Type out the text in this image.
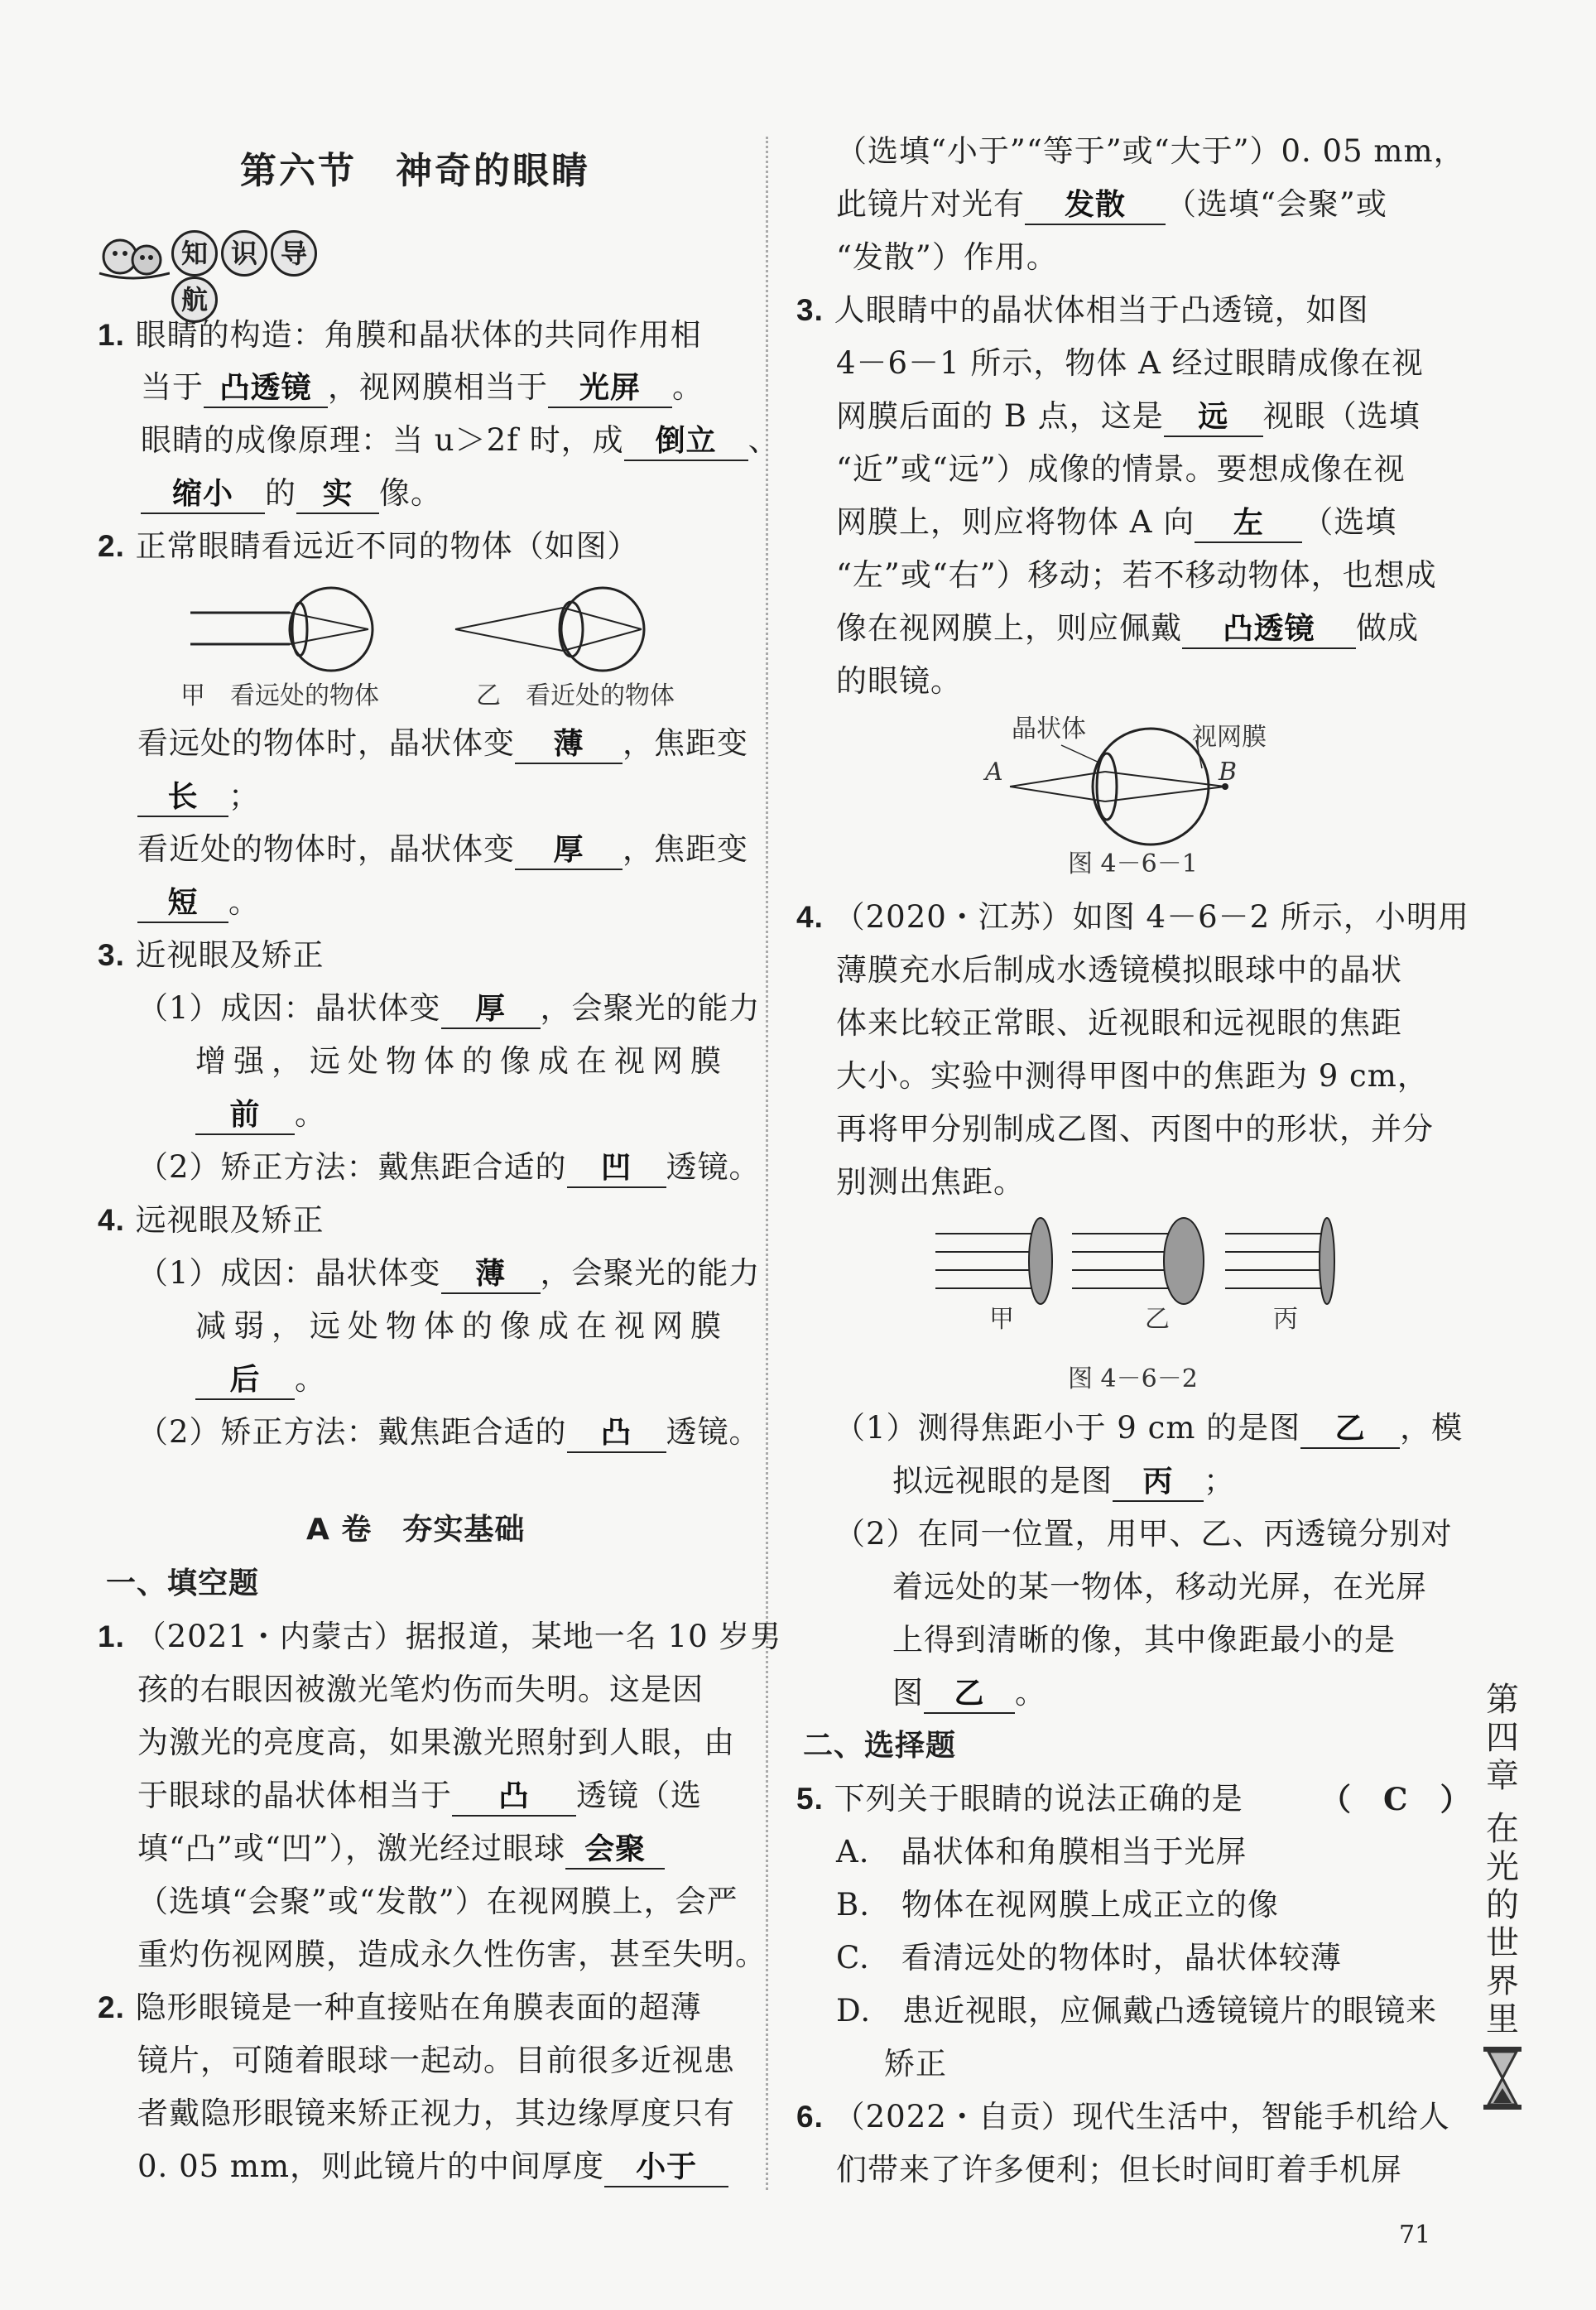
第六节　神奇的眼睛
知 识 导航
1. 眼睛的构造：角膜和晶状体的共同作用相
当于 凸透镜 ，视网膜相当于 光屏 。
眼睛的成像原理：当 u＞2f 时，成 倒立 、
缩小 的 实 像。
2. 正常眼睛看远近不同的物体（如图）
甲　看远处的物体	乙　看近处的物体
看远处的物体时，晶状体变 薄 ，焦距变
长 ；
看近处的物体时，晶状体变 厚 ，焦距变
短 。
3. 近视眼及矫正
（1）成因：晶状体变 厚 ，会聚光的能力
增强，远处物体的像成在视网膜
前 。
（2）矫正方法：戴焦距合适的 凹 透镜。
4. 远视眼及矫正
（1）成因：晶状体变 薄 ，会聚光的能力
减弱，远处物体的像成在视网膜
后 。
（2）矫正方法：戴焦距合适的 凸 透镜。
A 卷　夯实基础
一、填空题
1. （2021・内蒙古）据报道，某地一名 10 岁男
孩的右眼因被激光笔灼伤而失明。这是因
为激光的亮度高，如果激光照射到人眼，由
于眼球的晶状体相当于 凸 透镜（选
填“凸”或“凹”），激光经过眼球 会聚
（选填“会聚”或“发散”）在视网膜上，会严
重灼伤视网膜，造成永久性伤害，甚至失明。
2. 隐形眼镜是一种直接贴在角膜表面的超薄
镜片，可随着眼球一起动。目前很多近视患
者戴隐形眼镜来矫正视力，其边缘厚度只有
0. 05 mm，则此镜片的中间厚度 小于
（选填“小于”“等于”或“大于”）0. 05 mm，
此镜片对光有 发散 （选填“会聚”或
“发散”）作用。
3. 人眼睛中的晶状体相当于凸透镜，如图
4－6－1 所示，物体 A 经过眼睛成像在视
网膜后面的 B 点，这是 远 视眼（选填
“近”或“远”）成像的情景。要想成像在视
网膜上，则应将物体 A 向 左 （选填
“左”或“右”）移动；若不移动物体，也想成
像在视网膜上，则应佩戴 凸透镜 做成
的眼镜。
晶状体	视网膜
A	B
图 4－6－1
4. （2020・江苏）如图 4－6－2 所示，小明用
薄膜充水后制成水透镜模拟眼球中的晶状
体来比较正常眼、近视眼和远视眼的焦距
大小。实验中测得甲图中的焦距为 9 cm，
再将甲分别制成乙图、丙图中的形状，并分
别测出焦距。
甲	乙	丙
图 4－6－2
（1）测得焦距小于 9 cm 的是图 乙 ，模
拟远视眼的是图 丙 ；
（2）在同一位置，用甲、乙、丙透镜分别对
着远处的某一物体，移动光屏，在光屏
上得到清晰的像，其中像距最小的是
图 乙 。
二、选择题
5. 下列关于眼睛的说法正确的是	（　C　）
A.　晶状体和角膜相当于光屏
B.　物体在视网膜上成正立的像
C.　看清远处的物体时，晶状体较薄
D.　患近视眼，应佩戴凸透镜镜片的眼镜来
矫正
6. （2022・自贡）现代生活中，智能手机给人
们带来了许多便利；但长时间盯着手机屏
第
四
章
在
光
的
世
界
里
71
